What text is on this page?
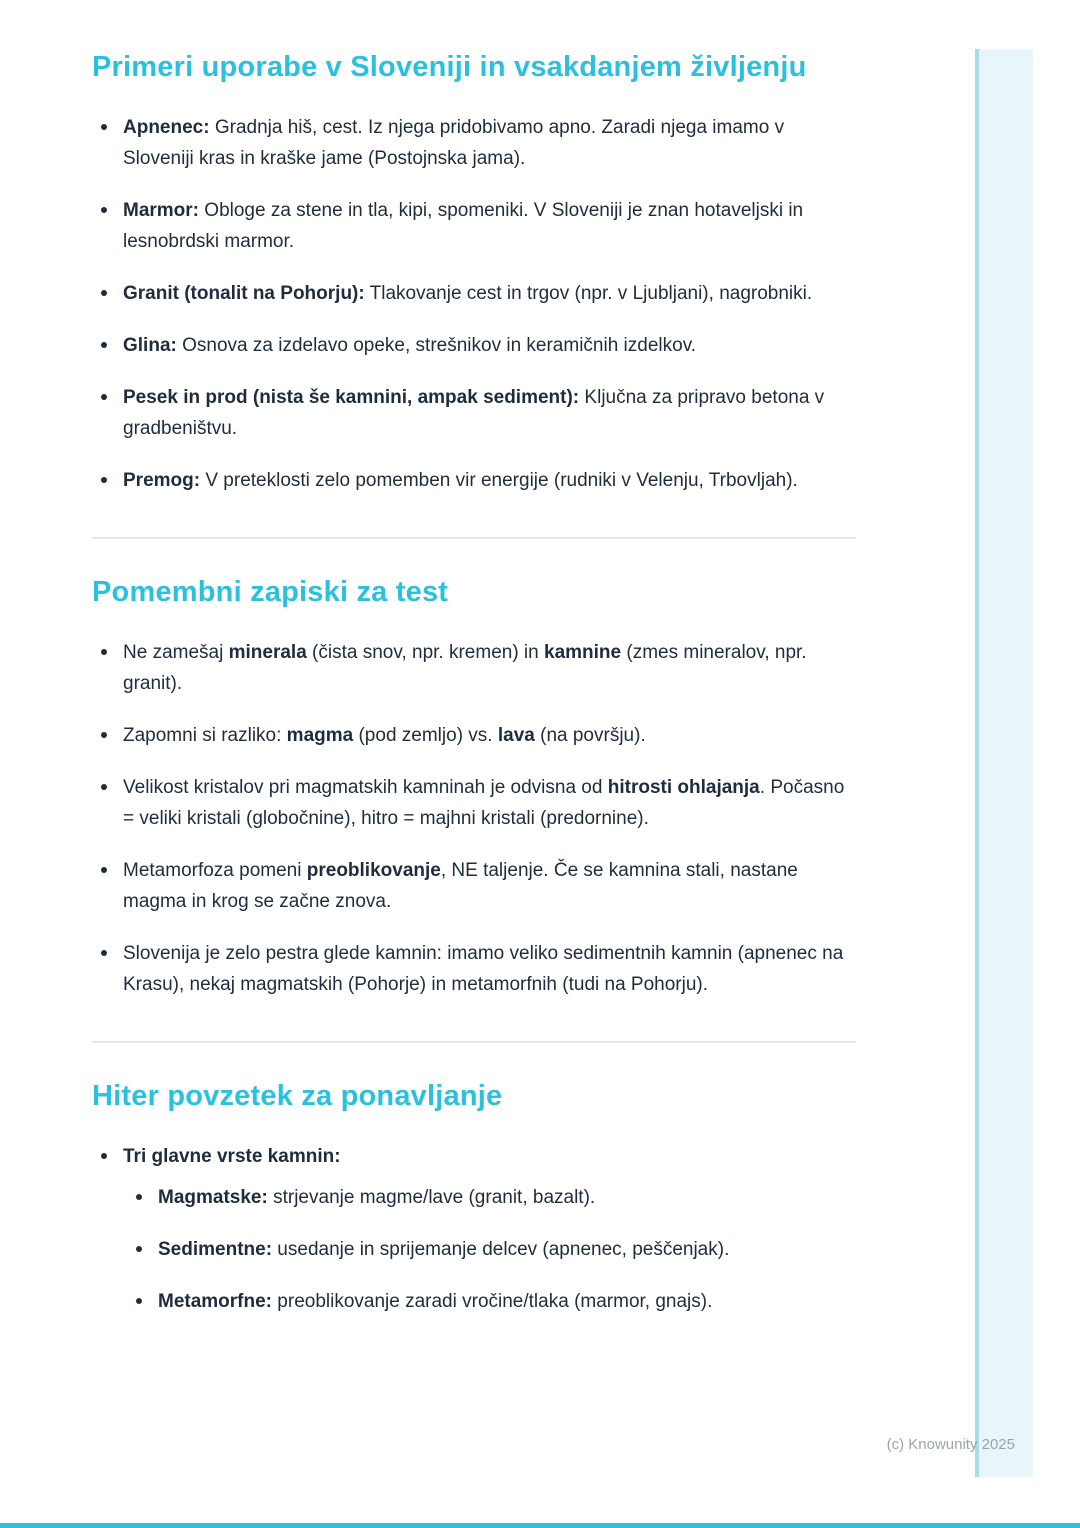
Primeri uporabe v Sloveniji in vsakdanjem življenju
Apnenec: Gradnja hiš, cest. Iz njega pridobivamo apno. Zaradi njega imamo v Sloveniji kras in kraške jame (Postojnska jama).
Marmor: Obloge za stene in tla, kipi, spomeniki. V Sloveniji je znan hotaveljski in lesnobrdski marmor.
Granit (tonalit na Pohorju): Tlakovanje cest in trgov (npr. v Ljubljani), nagrobniki.
Glina: Osnova za izdelavo opeke, strešnikov in keramičnih izdelkov.
Pesek in prod (nista še kamnini, ampak sediment): Ključna za pripravo betona v gradbeništvu.
Premog: V preteklosti zelo pomemben vir energije (rudniki v Velenju, Trbovljah).
Pomembni zapiski za test
Ne zamešaj minerala (čista snov, npr. kremen) in kamnine (zmes mineralov, npr. granit).
Zapomni si razliko: magma (pod zemljo) vs. lava (na površju).
Velikost kristalov pri magmatskih kamninah je odvisna od hitrosti ohlajanja. Počasno = veliki kristali (globočnine), hitro = majhni kristali (predornine).
Metamorfoza pomeni preoblikovanje, NE taljenje. Če se kamnina stali, nastane magma in krog se začne znova.
Slovenija je zelo pestra glede kamnin: imamo veliko sedimentnih kamnin (apnenec na Krasu), nekaj magmatskih (Pohorje) in metamorfnih (tudi na Pohorju).
Hiter povzetek za ponavljanje
Tri glavne vrste kamnin:
Magmatske: strjevanje magme/lave (granit, bazalt).
Sedimentne: usedanje in sprijemanje delcev (apnenec, peščenjak).
Metamorfne: preoblikovanje zaradi vročine/tlaka (marmor, gnajs).
(c) Knowunity 2025
